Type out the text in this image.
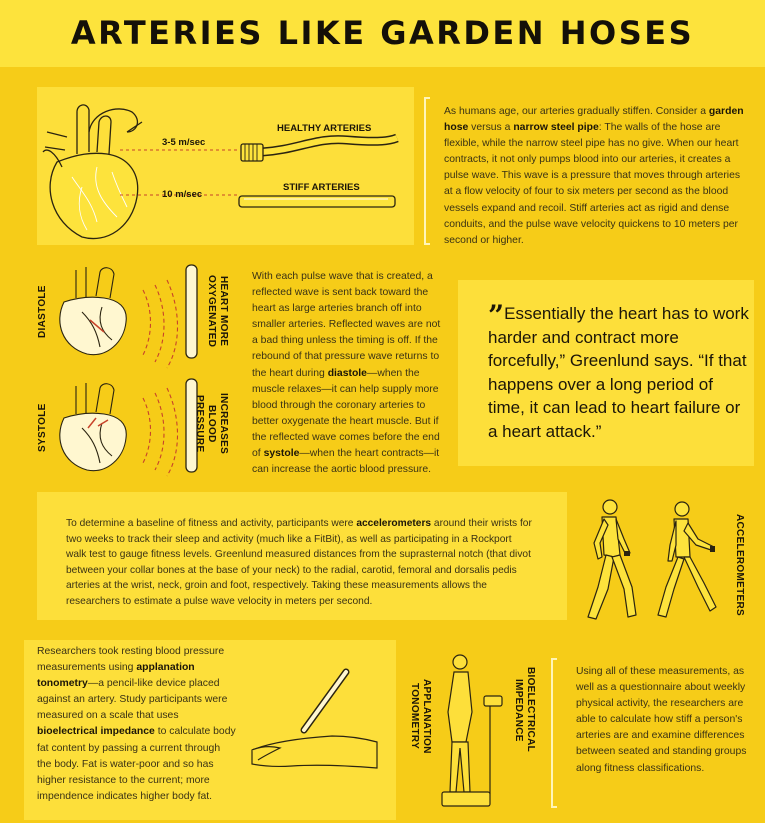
ARTERIES LIKE GARDEN HOSES
3-5 m/sec
10 m/sec
HEALTHY ARTERIES
STIFF ARTERIES
As humans age, our arteries gradually stiffen. Consider a garden hose versus a narrow steel pipe: The walls of the hose are flexible, while the narrow steel pipe has no give. When our heart contracts, it not only pumps blood into our arteries, it creates a pulse wave. This wave is a pressure that moves through arteries at a flow velocity of four to six meters per second as the blood vessels expand and recoil. Stiff arteries act as rigid and dense conduits, and the pulse wave velocity quickens to 10 meters per second or higher.
DIASTOLE
SYSTOLE
HEART MORE OXYGENATED
INCREASES BLOOD PRESSURE
With each pulse wave that is created, a reflected wave is sent back toward the heart as large arteries branch off into smaller arteries. Reflected waves are not a bad thing unless the timing is off. If the rebound of that pressure wave returns to the heart during diastole—when the muscle relaxes—it can help supply more blood through the coronary arteries to better oxygenate the heart muscle. But if the reflected wave comes before the end of systole—when the heart contracts—it can increase the aortic blood pressure.
”Essentially the heart has to work harder and contract more forcefully,” Greenlund says. “If that happens over a long period of time, it can lead to heart failure or a heart attack.”
To determine a baseline of fitness and activity, participants were accelerometers around their wrists for two weeks to track their sleep and activity (much like a FitBit), as well as participating in a Rockport walk test to gauge fitness levels. Greenlund measured distances from the suprasternal notch (that divot between your collar bones at the base of your neck) to the radial, carotid, femoral and dorsalis pedis arteries at the wrist, neck, groin and foot, respectively. Taking these measurements allows the researchers to estimate a pulse wave velocity in meters per second.	ACCELEROMETERS
Researchers took resting blood pressure measurements using applanation tonometry—a pencil-like device placed against an artery. Study participants were measured on a scale that uses bioelectrical impedance to calculate body fat content by passing a current through the body. Fat is water-poor and so has higher resistance to the current; more impendence indicates higher body fat.
APPLANATION TONOMETRY	BIOELECTRICAL IMPEDANCE
Using all of these measurements, as well as a questionnaire about weekly physical activity, the researchers are able to calculate how stiff a person's arteries are and examine differences between seated and standing groups along fitness classifications.
